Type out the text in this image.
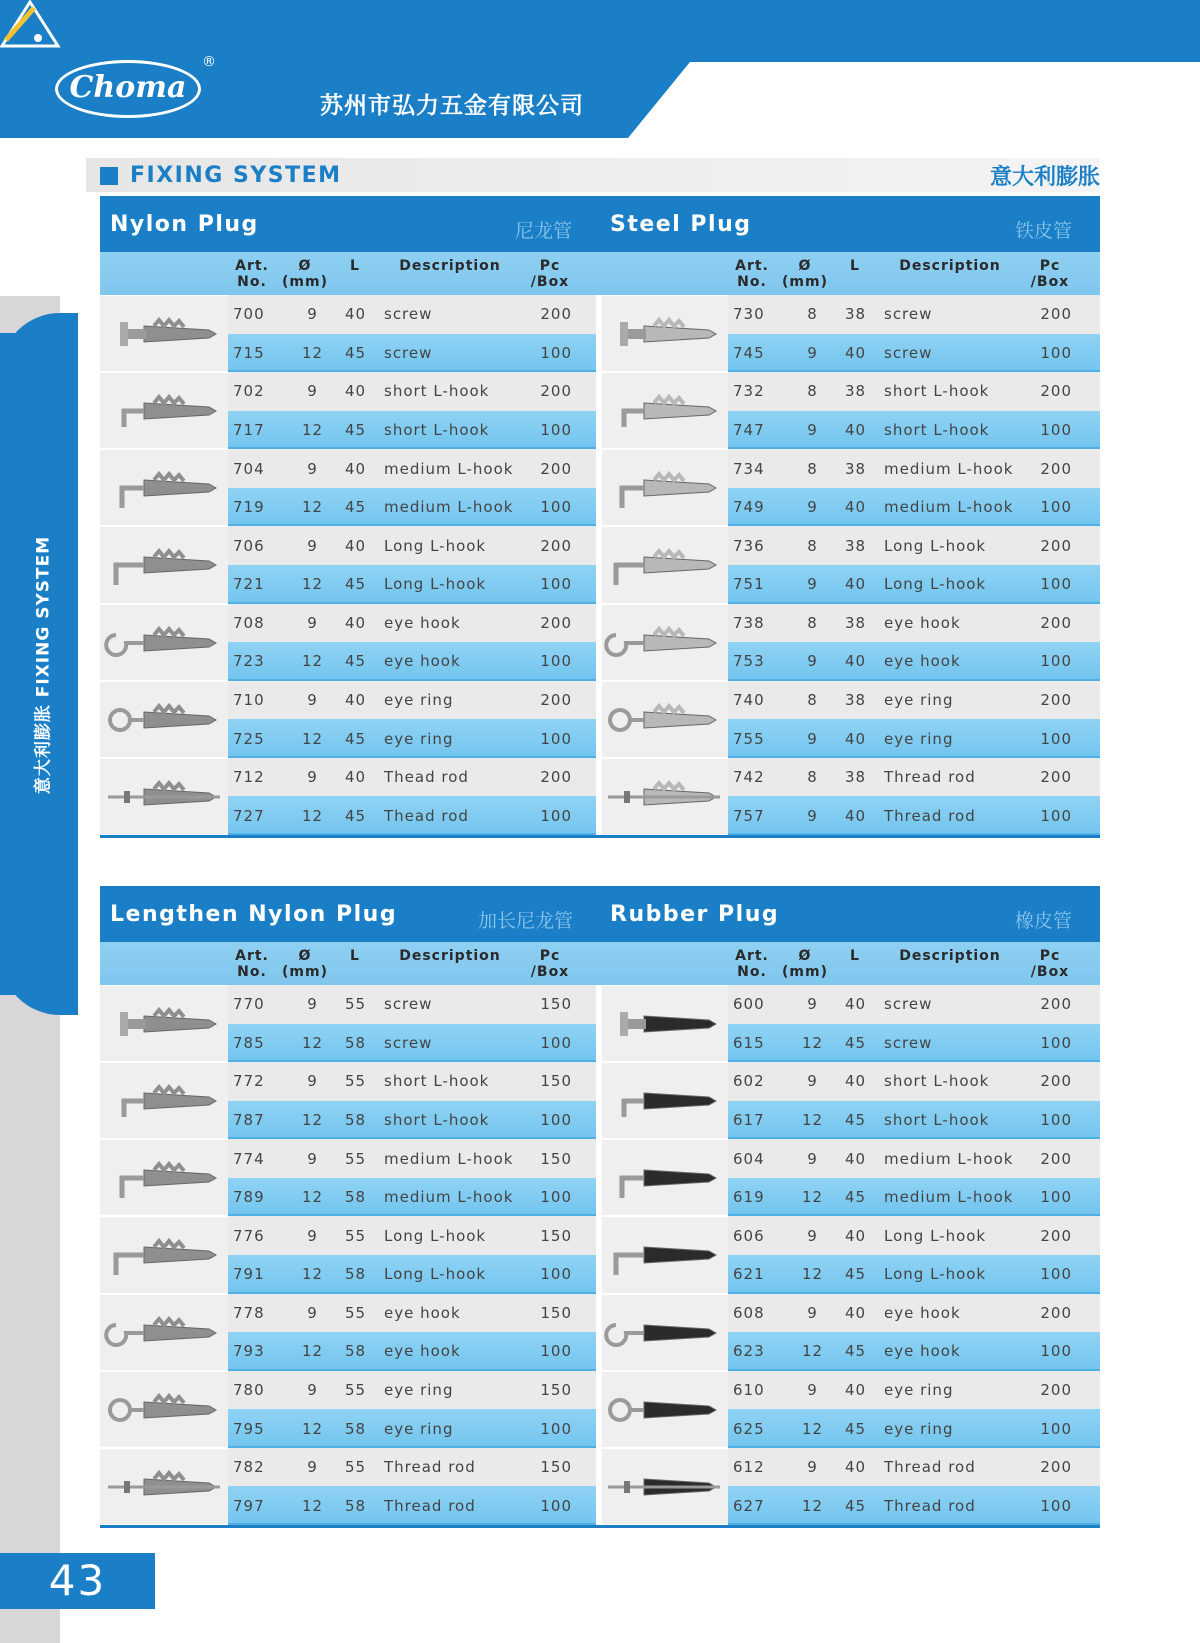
Choma
®
苏州市弘力五金有限公司
FIXING SYSTEM	意大利膨胀
意大利膨胀 FIXING SYSTEM
Nylon Plug	尼龙管 Steel Plug	铁皮管
Art.
No.
Ø
(mm)
L	Description	Pc
/Box
Art.
No.
Ø
(mm)
L	Description	Pc
/Box
700	9	40 screw	200
715 12 45 screw	100
702	9	40 short L-hook	200
717 12 45 short L-hook	100
704	9	40 medium L-hook	200
719 12 45 medium L-hook	100
706	9	40 Long L-hook	200
721 12 45 Long L-hook	100
708	9	40 eye hook	200
723 12 45 eye hook	100
710	9	40 eye ring	200
725 12 45 eye ring	100
712	9	40 Thead rod	200
727 12 45 Thead rod	100
730	8	38 screw	200
745	9	40 screw	100
732	8	38 short L-hook	200
747	9	40 short L-hook	100
734	8	38 medium L-hook	200
749	9	40 medium L-hook	100
736	8	38 Long L-hook	200
751	9	40 Long L-hook	100
738	8	38 eye hook	200
753	9	40 eye hook	100
740	8	38 eye ring	200
755	9	40 eye ring	100
742	8	38 Thread rod	200
757	9	40 Thread rod	100
Lengthen Nylon Plug	加长尼龙管 Rubber Plug	橡皮管
Art.
No.
Ø
(mm)
L	Description	Pc
/Box
Art.
No.
Ø
(mm)
L	Description	Pc
/Box
770	9	55 screw	150
785 12 58 screw	100
772	9	55 short L-hook	150
787 12 58 short L-hook	100
774	9	55 medium L-hook	150
789 12 58 medium L-hook	100
776	9	55 Long L-hook	150
791 12 58 Long L-hook	100
778	9	55 eye hook	150
793 12 58 eye hook	100
780	9	55 eye ring	150
795 12 58 eye ring	100
782	9	55 Thread rod	150
797 12 58 Thread rod	100
600	9	40 screw	200
615 12 45 screw	100
602	9	40 short L-hook	200
617 12 45 short L-hook	100
604	9	40 medium L-hook	200
619 12 45 medium L-hook	100
606	9	40 Long L-hook	200
621 12 45 Long L-hook	100
608	9	40 eye hook	200
623 12 45 eye hook	100
610	9	40 eye ring	200
625 12 45 eye ring	100
612	9	40 Thread rod	200
627 12 45 Thread rod	100
43
